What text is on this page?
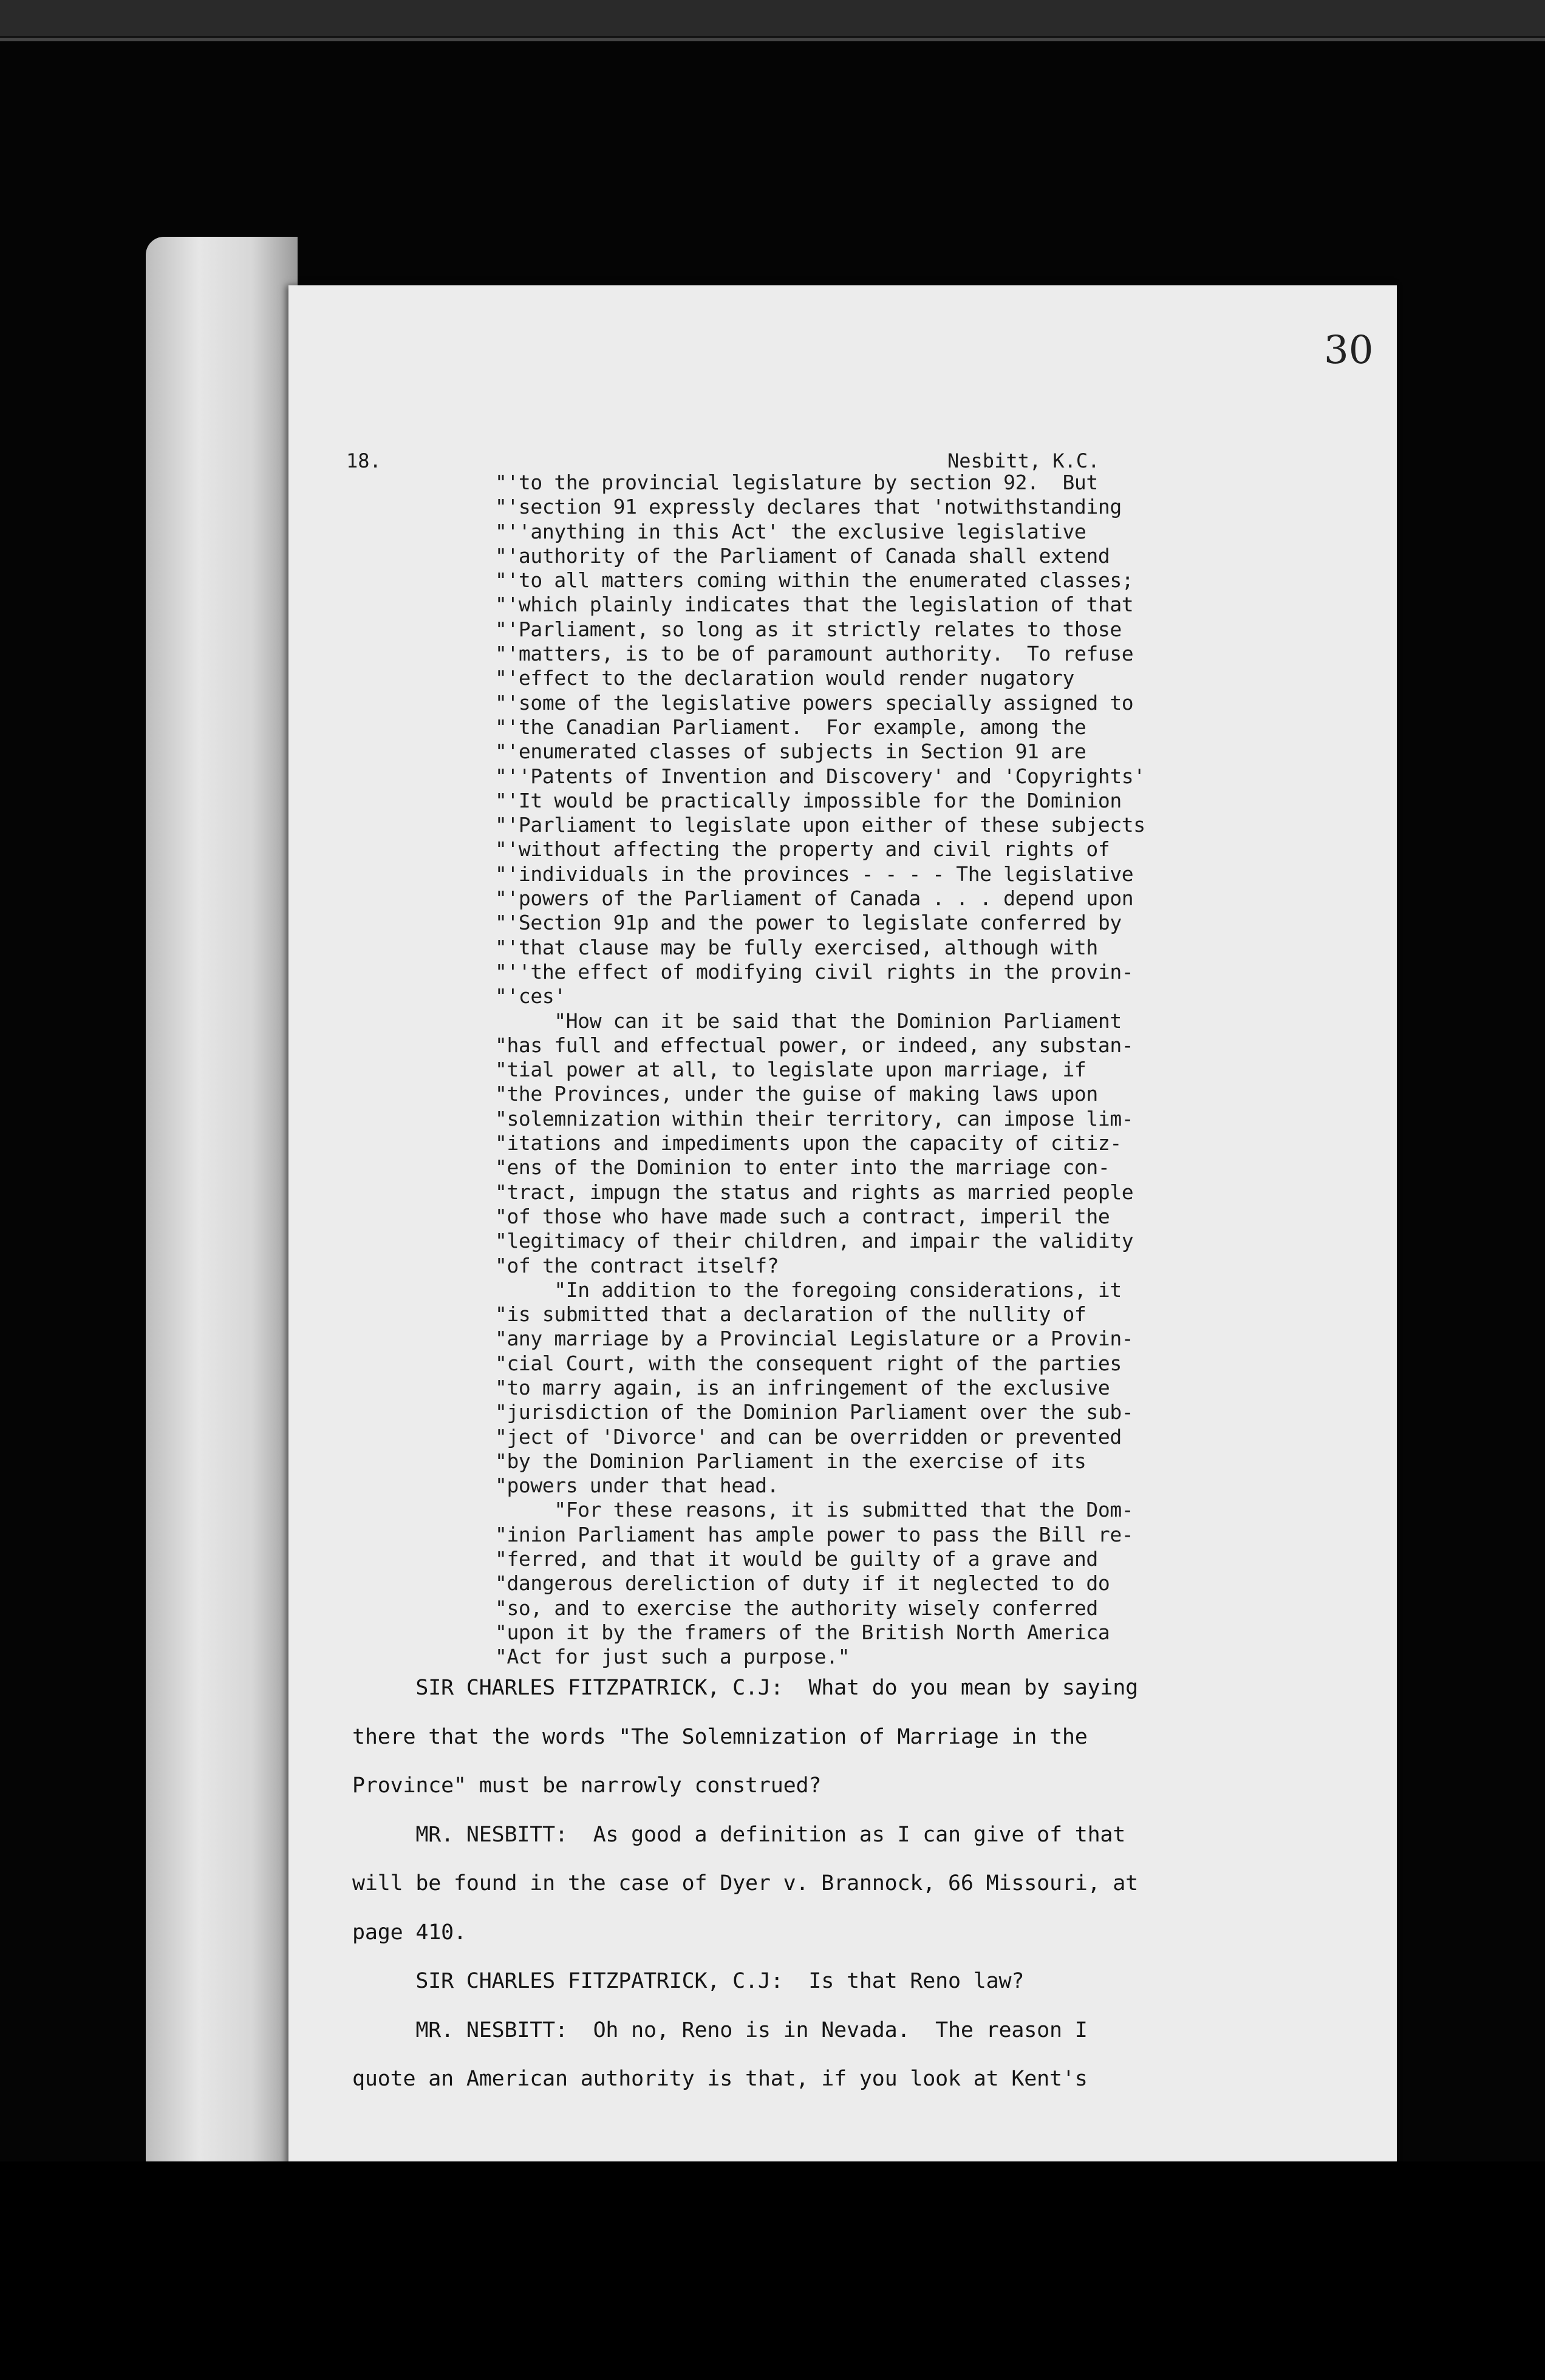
30
18.	Nesbitt, K.C.
"'to the provincial legislature by section 92.  But
"'section 91 expressly declares that 'notwithstanding
"''anything in this Act' the exclusive legislative
"'authority of the Parliament of Canada shall extend
"'to all matters coming within the enumerated classes;
"'which plainly indicates that the legislation of that
"'Parliament, so long as it strictly relates to those
"'matters, is to be of paramount authority.  To refuse
"'effect to the declaration would render nugatory
"'some of the legislative powers specially assigned to
"'the Canadian Parliament.  For example, among the
"'enumerated classes of subjects in Section 91 are
"''Patents of Invention and Discovery' and 'Copyrights'
"'It would be practically impossible for the Dominion
"'Parliament to legislate upon either of these subjects
"'without affecting the property and civil rights of
"'individuals in the provinces - - - - The legislative
"'powers of the Parliament of Canada . . . depend upon
"'Section 91p and the power to legislate conferred by
"'that clause may be fully exercised, although with
"''the effect of modifying civil rights in the provin-
"'ces'
"How can it be said that the Dominion Parliament
"has full and effectual power, or indeed, any substan-
"tial power at all, to legislate upon marriage, if
"the Provinces, under the guise of making laws upon
"solemnization within their territory, can impose lim-
"itations and impediments upon the capacity of citiz-
"ens of the Dominion to enter into the marriage con-
"tract, impugn the status and rights as married people
"of those who have made such a contract, imperil the
"legitimacy of their children, and impair the validity
"of the contract itself?
"In addition to the foregoing considerations, it
"is submitted that a declaration of the nullity of
"any marriage by a Provincial Legislature or a Provin-
"cial Court, with the consequent right of the parties
"to marry again, is an infringement of the exclusive
"jurisdiction of the Dominion Parliament over the sub-
"ject of 'Divorce' and can be overridden or prevented
"by the Dominion Parliament in the exercise of its
"powers under that head.
"For these reasons, it is submitted that the Dom-
"inion Parliament has ample power to pass the Bill re-
"ferred, and that it would be guilty of a grave and
"dangerous dereliction of duty if it neglected to do
"so, and to exercise the authority wisely conferred
"upon it by the framers of the British North America
"Act for just such a purpose."

SIR CHARLES FITZPATRICK, C.J:  What do you mean by saying

there that the words "The Solemnization of Marriage in the

Province" must be narrowly construed?

MR. NESBITT:  As good a definition as I can give of that

will be found in the case of Dyer v. Brannock, 66 Missouri, at

page 410.

SIR CHARLES FITZPATRICK, C.J:  Is that Reno law?

MR. NESBITT:  Oh no, Reno is in Nevada.  The reason I

quote an American authority is that, if you look at Kent's
